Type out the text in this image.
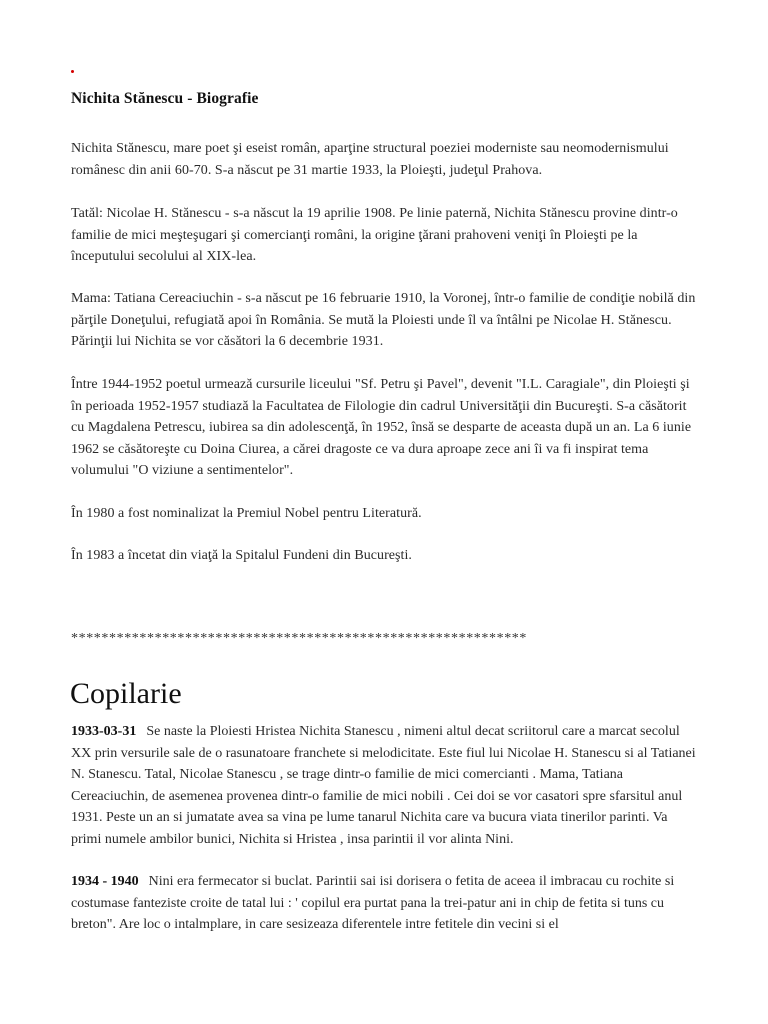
Nichita Stănescu - Biografie

Nichita Stănescu, mare poet şi eseist român, aparţine structural poeziei moderniste sau neomodernismului românesc din anii 60-70. S-a născut pe 31 martie 1933, la Ploieşti, judeţul Prahova.

Tatăl: Nicolae H. Stănescu - s-a născut la 19 aprilie 1908. Pe linie paternă, Nichita Stănescu provine dintr-o familie de mici meşteşugari şi comercianţi români, la origine ţărani prahoveni veniţi în Ploieşti pe la începutului secolului al XIX-lea.

Mama: Tatiana Cereaciuchin - s-a născut pe 16 februarie 1910, la Voronej, într-o familie de condiţie nobilă din părţile Doneţului, refugiată apoi în România. Se mută la Ploiesti unde îl va întâlni pe Nicolae H. Stănescu. Părinţii lui Nichita se vor căsători la 6 decembrie 1931.

Între 1944-1952 poetul urmează cursurile liceului "Sf. Petru şi Pavel", devenit "I.L. Caragiale", din Ploieşti şi în perioada 1952-1957 studiază la Facultatea de Filologie din cadrul Universităţii din Bucureşti. S-a căsătorit cu Magdalena Petrescu, iubirea sa din adolescenţă, în 1952, însă se desparte de aceasta după un an. La 6 iunie 1962 se căsătoreşte cu Doina Ciurea, a cărei dragoste ce va dura aproape zece ani îi va fi inspirat tema volumului "O viziune a sentimentelor".

În 1980 a fost nominalizat la Premiul Nobel pentru Literatură.

În 1983 a încetat din viaţă la Spitalul Fundeni din Bucureşti.

************************************************************
Copilarie

1933-03-31 Se naste la Ploiesti Hristea Nichita Stanescu , nimeni altul decat scriitorul care a marcat secolul XX prin versurile sale de o rasunatoare franchete si melodicitate. Este fiul lui Nicolae H. Stanescu si al Tatianei N. Stanescu. Tatal, Nicolae Stanescu , se trage dintr-o familie de mici comercianti . Mama, Tatiana Cereaciuchin, de asemenea provenea dintr-o familie de mici nobili . Cei doi se vor casatori spre sfarsitul anul 1931. Peste un an si jumatate avea sa vina pe lume tanarul Nichita care va bucura viata tinerilor parinti. Va primi numele ambilor bunici, Nichita si Hristea , insa parintii il vor alinta Nini.

1934 - 1940 Nini era fermecator si buclat. Parintii sai isi dorisera o fetita de aceea il imbracau cu rochite si costumase fanteziste croite de tatal lui : ' copilul era purtat pana la trei-patur ani in chip de fetita si tuns cu breton". Are loc o intalmplare, in care sesizeaza diferentele intre fetitele din vecini si el
